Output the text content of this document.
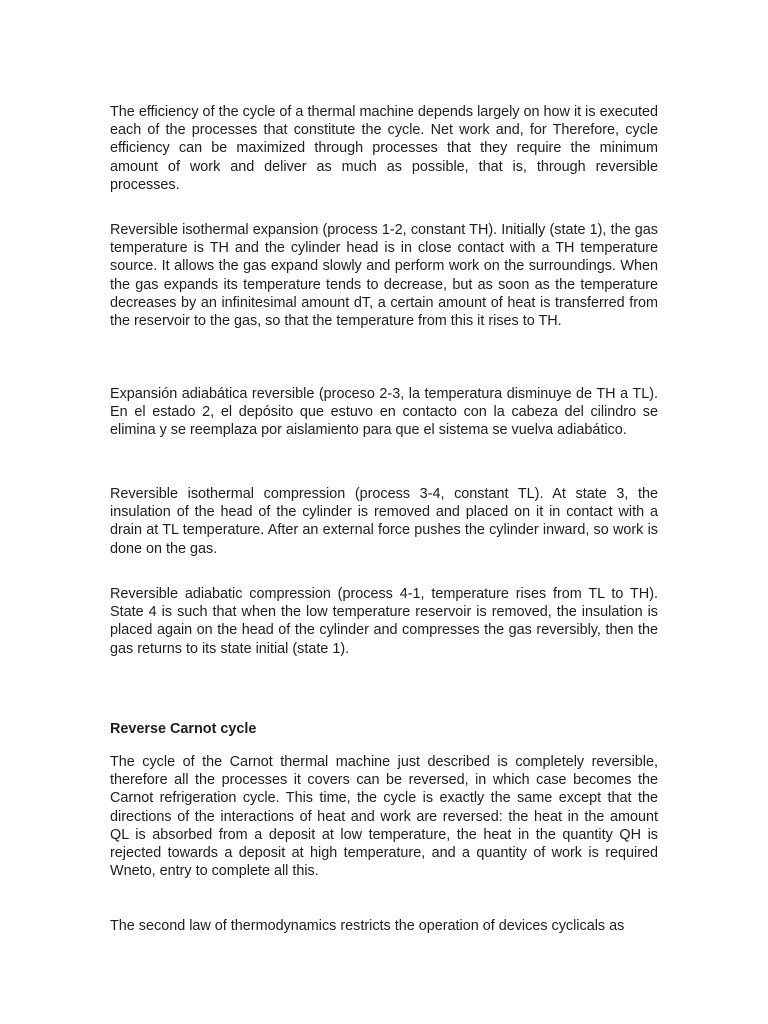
The efficiency of the cycle of a thermal machine depends largely on how it is executed each of the processes that constitute the cycle. Net work and, for Therefore, cycle efficiency can be maximized through processes that they require the minimum amount of work and deliver as much as possible, that is, through reversible processes.

Reversible isothermal expansion (process 1-2, constant TH). Initially (state 1), the gas temperature is TH and the cylinder head is in close contact with a TH temperature source. It allows the gas expand slowly and perform work on the surroundings. When the gas expands its temperature tends to decrease, but as soon as the temperature decreases by an infinitesimal amount dT, a certain amount of heat is transferred from the reservoir to the gas, so that the temperature from this it rises to TH.

Expansión adiabática reversible (proceso 2-3, la temperatura disminuye de TH a TL). En el estado 2, el depósito que estuvo en contacto con la cabeza del cilindro se elimina y se reemplaza por aislamiento para que el sistema se vuelva adiabático.

Reversible isothermal compression (process 3-4, constant TL). At state 3, the insulation of the head of the cylinder is removed and placed on it in contact with a drain at TL temperature. After an external force pushes the cylinder inward, so work is done on the gas.

Reversible adiabatic compression (process 4-1, temperature rises from TL to TH). State 4 is such that when the low temperature reservoir is removed, the insulation is placed again on the head of the cylinder and compresses the gas reversibly, then the gas returns to its state initial (state 1).

Reverse Carnot cycle

The cycle of the Carnot thermal machine just described is completely reversible, therefore all the processes it covers can be reversed, in which case becomes the Carnot refrigeration cycle. This time, the cycle is exactly the same except that the directions of the interactions of heat and work are reversed: the heat in the amount QL is absorbed from a deposit at low temperature, the heat in the quantity QH is rejected towards a deposit at high temperature, and a quantity of work is required Wneto, entry to complete all this.

The second law of thermodynamics restricts the operation of devices cyclicals as
